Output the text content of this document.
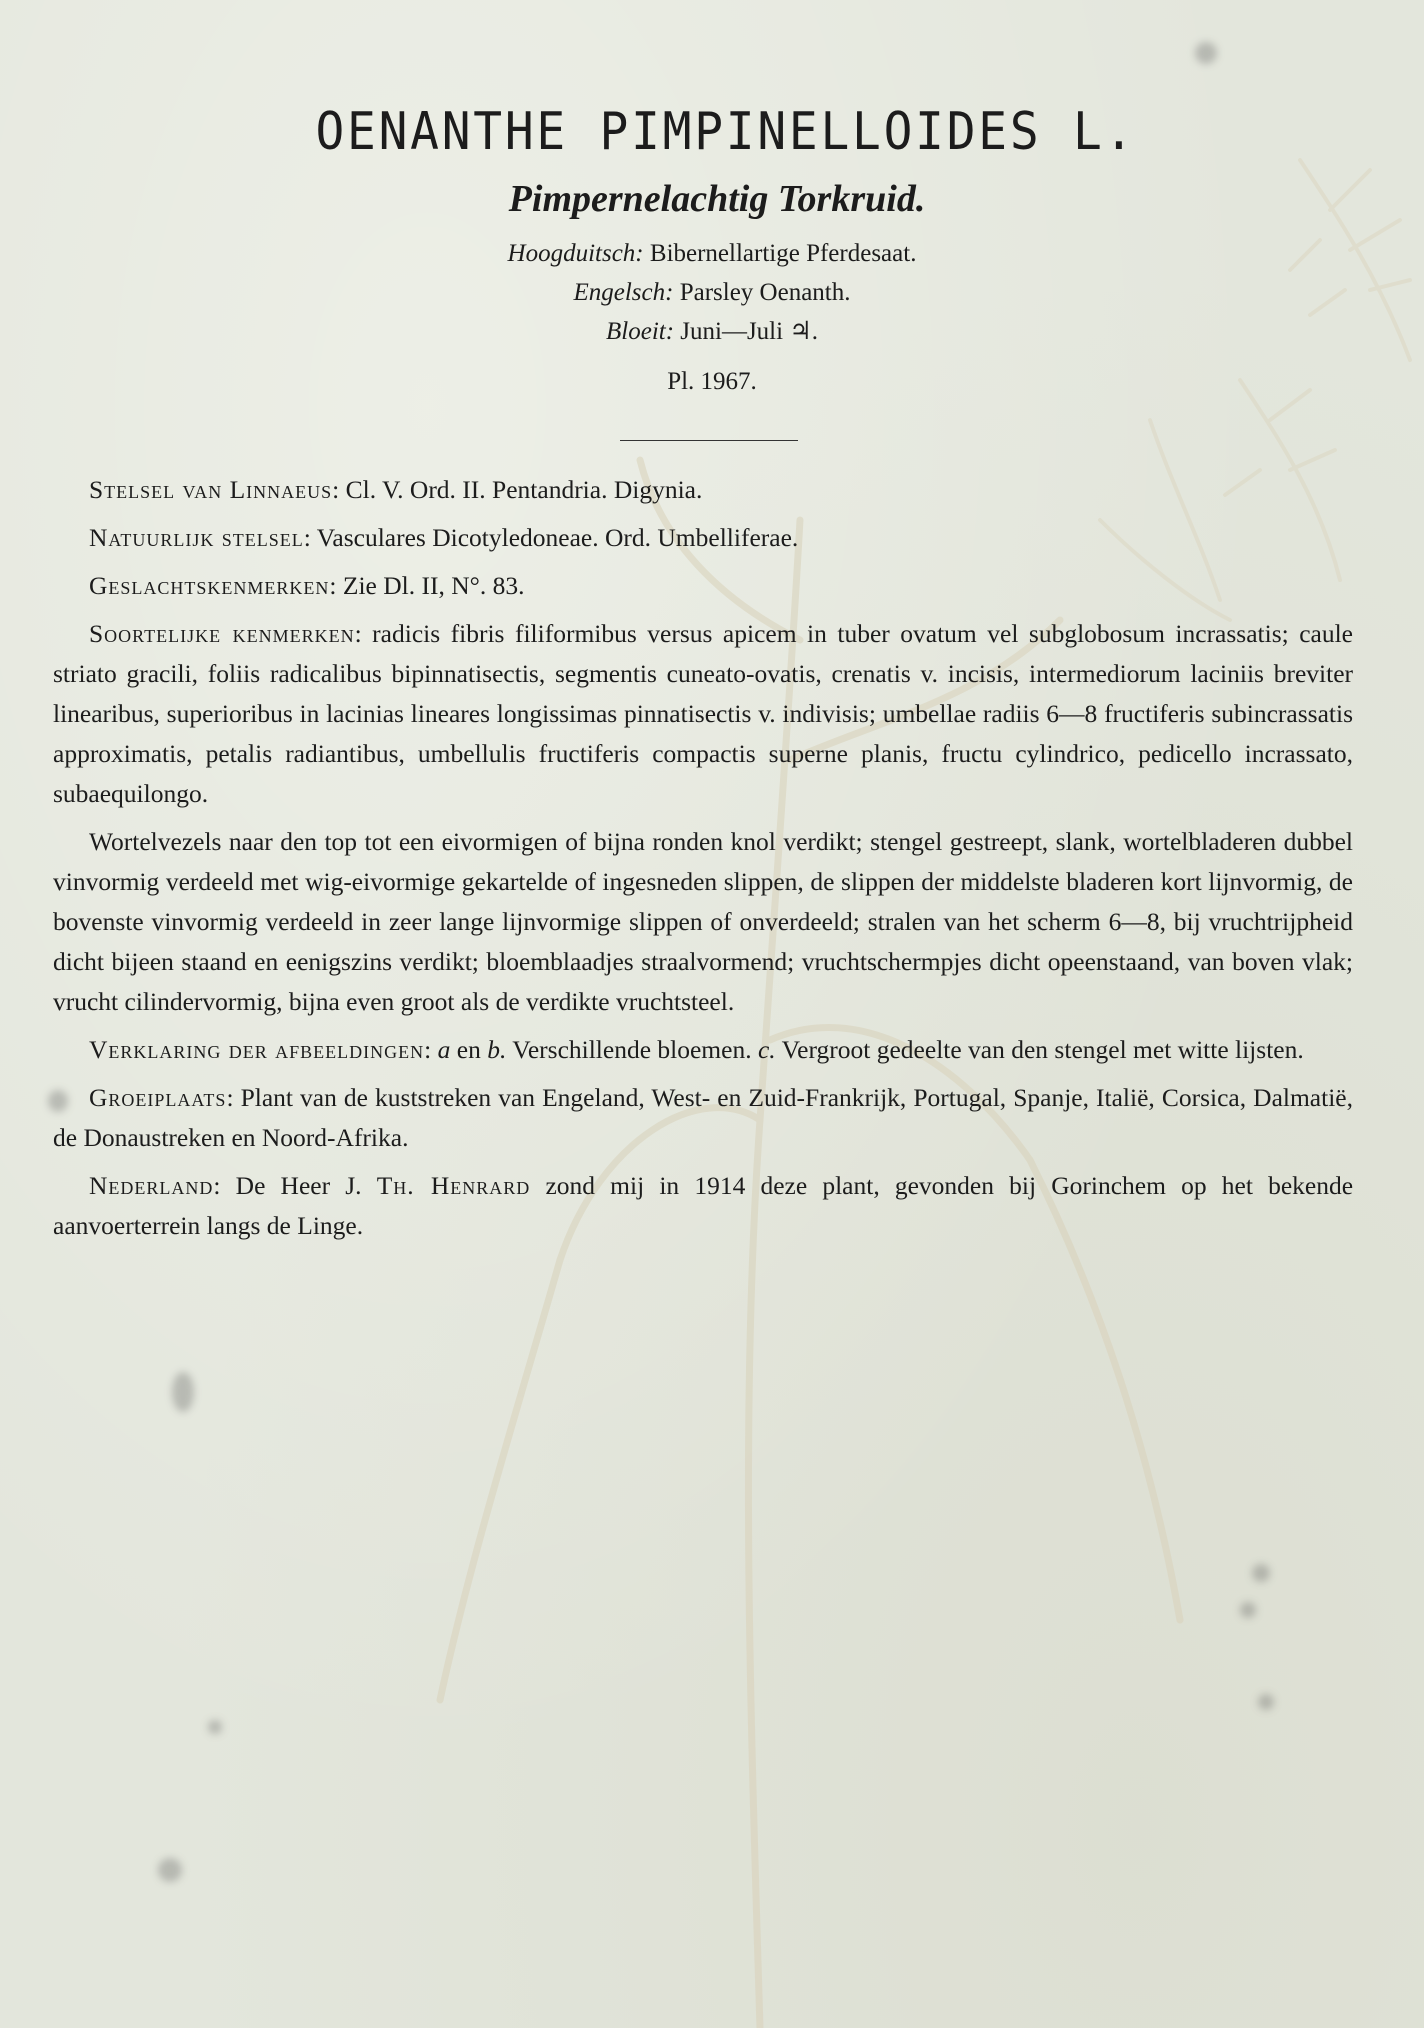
OENANTHE PIMPINELLOIDES L.
Pimpernelachtig Torkruid.
Hoogduitsch: Bibernellartige Pferdesaat.
Engelsch: Parsley Oenanth.
Bloeit: Juni—Juli ♃.
Pl. 1967.

Stelsel van Linnaeus: Cl. V. Ord. II. Pentandria. Digynia.

Natuurlijk stelsel: Vasculares Dicotyledoneae. Ord. Umbelliferae.

Geslachtskenmerken: Zie Dl. II, N°. 83.

Soortelijke kenmerken: radicis fibris filiformibus versus apicem in tuber ovatum vel subglobosum incrassatis; caule striato gracili, foliis radicalibus bipinnatisectis, segmentis cuneato-ovatis, crenatis v. incisis, intermediorum laciniis breviter linearibus, superioribus in lacinias lineares longissimas pinnatisectis v. indivisis; umbellae radiis 6—8 fructiferis subincrassatis approximatis, petalis radiantibus, umbellulis fructiferis compactis superne planis, fructu cylindrico, pedicello incrassato, subaequilongo.

Wortelvezels naar den top tot een eivormigen of bijna ronden knol verdikt; stengel gestreept, slank, wortelbladeren dubbel vinvormig verdeeld met wig-eivormige gekartelde of ingesneden slippen, de slippen der middelste bladeren kort lijnvormig, de bovenste vinvormig verdeeld in zeer lange lijnvormige slippen of onverdeeld; stralen van het scherm 6—8, bij vruchtrijpheid dicht bijeen staand en eenigszins verdikt; bloemblaadjes straalvormend; vruchtschermpjes dicht opeenstaand, van boven vlak; vrucht cilindervormig, bijna even groot als de verdikte vruchtsteel.

Verklaring der afbeeldingen: a en b. Verschillende bloemen. c. Vergroot gedeelte van den stengel met witte lijsten.

Groeiplaats: Plant van de kuststreken van Engeland, West- en Zuid-Frankrijk, Portugal, Spanje, Italië, Corsica, Dalmatië, de Donaustreken en Noord-Afrika.

Nederland: De Heer J. Th. Henrard zond mij in 1914 deze plant, gevonden bij Gorinchem op het bekende aanvoerterrein langs de Linge.
